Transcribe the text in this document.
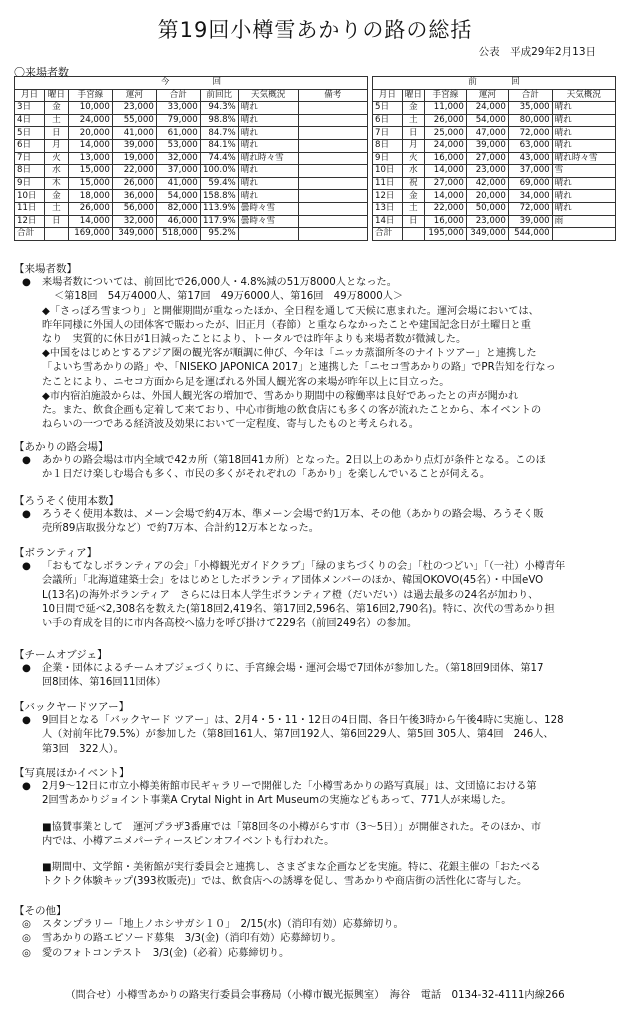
第19回小樽雪あかりの路の総括
公表　平成29年2月13日
〇来場者数
今　　　　　回							
月日	曜日	手宮線	運河	合計	前回比	天気概況	備考
3日	金	10,000	23,000	33,000	94.3%	晴れ	
4日	土	24,000	55,000	79,000	98.8%	晴れ	
5日	日	20,000	41,000	61,000	84.7%	晴れ	
6日	月	14,000	39,000	53,000	84.1%	晴れ	
7日	火	13,000	19,000	32,000	74.4%	晴れ時々雪	
8日	水	15,000	22,000	37,000	100.0%	晴れ	
9日	木	15,000	26,000	41,000	59.4%	晴れ	
10日	金	18,000	36,000	54,000	158.8%	晴れ	
11日	土	26,000	56,000	82,000	113.9%	曇時々雪	
12日	日	14,000	32,000	46,000	117.9%	曇時々雪	
合計		169,000	349,000	518,000	95.2%		
前　　　　回					
月日	曜日	手宮線	運河	合計	天気概況
5日	金	11,000	24,000	35,000	晴れ
6日	土	26,000	54,000	80,000	晴れ
7日	日	25,000	47,000	72,000	晴れ
8日	月	24,000	39,000	63,000	晴れ
9日	火	16,000	27,000	43,000	晴れ時々雪
10日	水	14,000	23,000	37,000	雪
11日	祝	27,000	42,000	69,000	晴れ
12日	金	14,000	20,000	34,000	晴れ
13日	土	22,000	50,000	72,000	晴れ
14日	日	16,000	23,000	39,000	雨
合計		195,000	349,000	544,000	
【来場者数】
● 来場者数については、前回比で26,000人・4.8%減の51万8000人となった。
＜第18回　54万4000人、第17回　49万6000人、第16回　49万8000人＞
◆「さっぽろ雪まつり」と開催期間が重なったほか、全日程を通して天候に恵まれた。運河会場においては、
昨年同様に外国人の団体客で賑わったが、旧正月（春節）と重ならなかったことや建国記念日が土曜日と重
なり　実質的に休日が1日減ったことにより、トータルでは昨年よりも来場者数が微減した。
◆中国をはじめとするアジア圏の観光客が順調に伸び、今年は「ニッカ蒸溜所冬のナイトツアー」と連携した
「よいち雪あかりの路」や、「NISEKO JAPONICA 2017」と連携した「ニセコ雪あかりの路」でPR告知を行なっ
たことにより、ニセコ方面から足を運ばれる外国人観光客の来場が昨年以上に目立った。
◆市内宿泊施設からは、外国人観光客の増加で、雪あかり期間中の稼働率は良好であったとの声が聞かれ
た。また、飲食企画も定着して来ており、中心市街地の飲食店にも多くの客が流れたことから、本イベントの
ねらいの一つである経済波及効果において一定程度、寄与したものと考えられる。
【あかりの路会場】
● あかりの路会場は市内全域で42カ所（第18回41カ所）となった。2日以上のあかり点灯が条件となる。このほ
か１日だけ楽しむ場合も多く、市民の多くがそれぞれの「あかり」を楽しんでいることが伺える。
【ろうそく使用本数】
● ろうそく使用本数は、メーン会場で約4万本、準メーン会場で約1万本、その他（あかりの路会場、ろうそく販
売所89店取扱分など）で約7万本、合計約12万本となった。
【ボランティア】
● 「おもてなしボランティアの会」「小樽観光ガイドクラブ」「緑のまちづくりの会」「杜のつどい」「（一社）小樽青年
会議所」「北海道建築士会」をはじめとしたボランティア団体メンバーのほか、韓国OKOVO(45名）・中国eVO
L(13名)の海外ボランティア　さらには日本人学生ボランティア橙（だいだい）は過去最多の24名が加わり、
10日間で延べ2,308名を数えた(第18回2,419名、第17回2,596名、第16回2,790名)。特に、次代の雪あかり担
い手の育成を目的に市内各高校へ協力を呼び掛けて229名（前回249名）の参加。
【チームオブジェ】
● 企業・団体によるチームオブジェづくりに、手宮線会場・運河会場で7団体が参加した。（第18回9団体、第17
回8団体、第16回11団体）
【バックヤードツアー】
● 9回目となる「バックヤード ツアー」は、2月4・5・11・12日の4日間、各日午後3時から午後4時に実施し、128
人（対前年比79.5%）が参加した（第8回161人、第7回192人、第6回229人、第5回 305人、第4回　246人、
第3回　322人）。
【写真展ほかイベント】
● 2月9～12日に市立小樽美術館市民ギャラリーで開催した「小樽雪あかりの路写真展」は、文団協における第
2回雪あかりジョイント事業A Crytal Night in Art Museumの実施などもあって、771人が来場した。
■協賛事業として　運河プラザ3番庫では「第8回冬の小樽がらす市（3～5日）」が開催された。そのほか、市
内では、小樽アニメパーティースピンオフイベントも行われた。
■期間中、文学館・美術館が実行委員会と連携し、さまざまな企画などを実施。特に、花銀主催の「おたべる
トクトク体験キップ(393枚販売)」では、飲食店への誘導を促し、雪あかりや商店街の活性化に寄与した。
【その他】
◎ スタンプラリー「地上ノホシサガシ１０」　2/15(水)（消印有効）応募締切り。
◎ 雪あかりの路エピソード募集　3/3(金)（消印有効）応募締切り。
◎ 愛のフォトコンテスト　3/3(金)（必着）応募締切り。
（問合せ）小樽雪あかりの路実行委員会事務局（小樽市観光振興室）　海谷　電話　0134-32-4111内線266
